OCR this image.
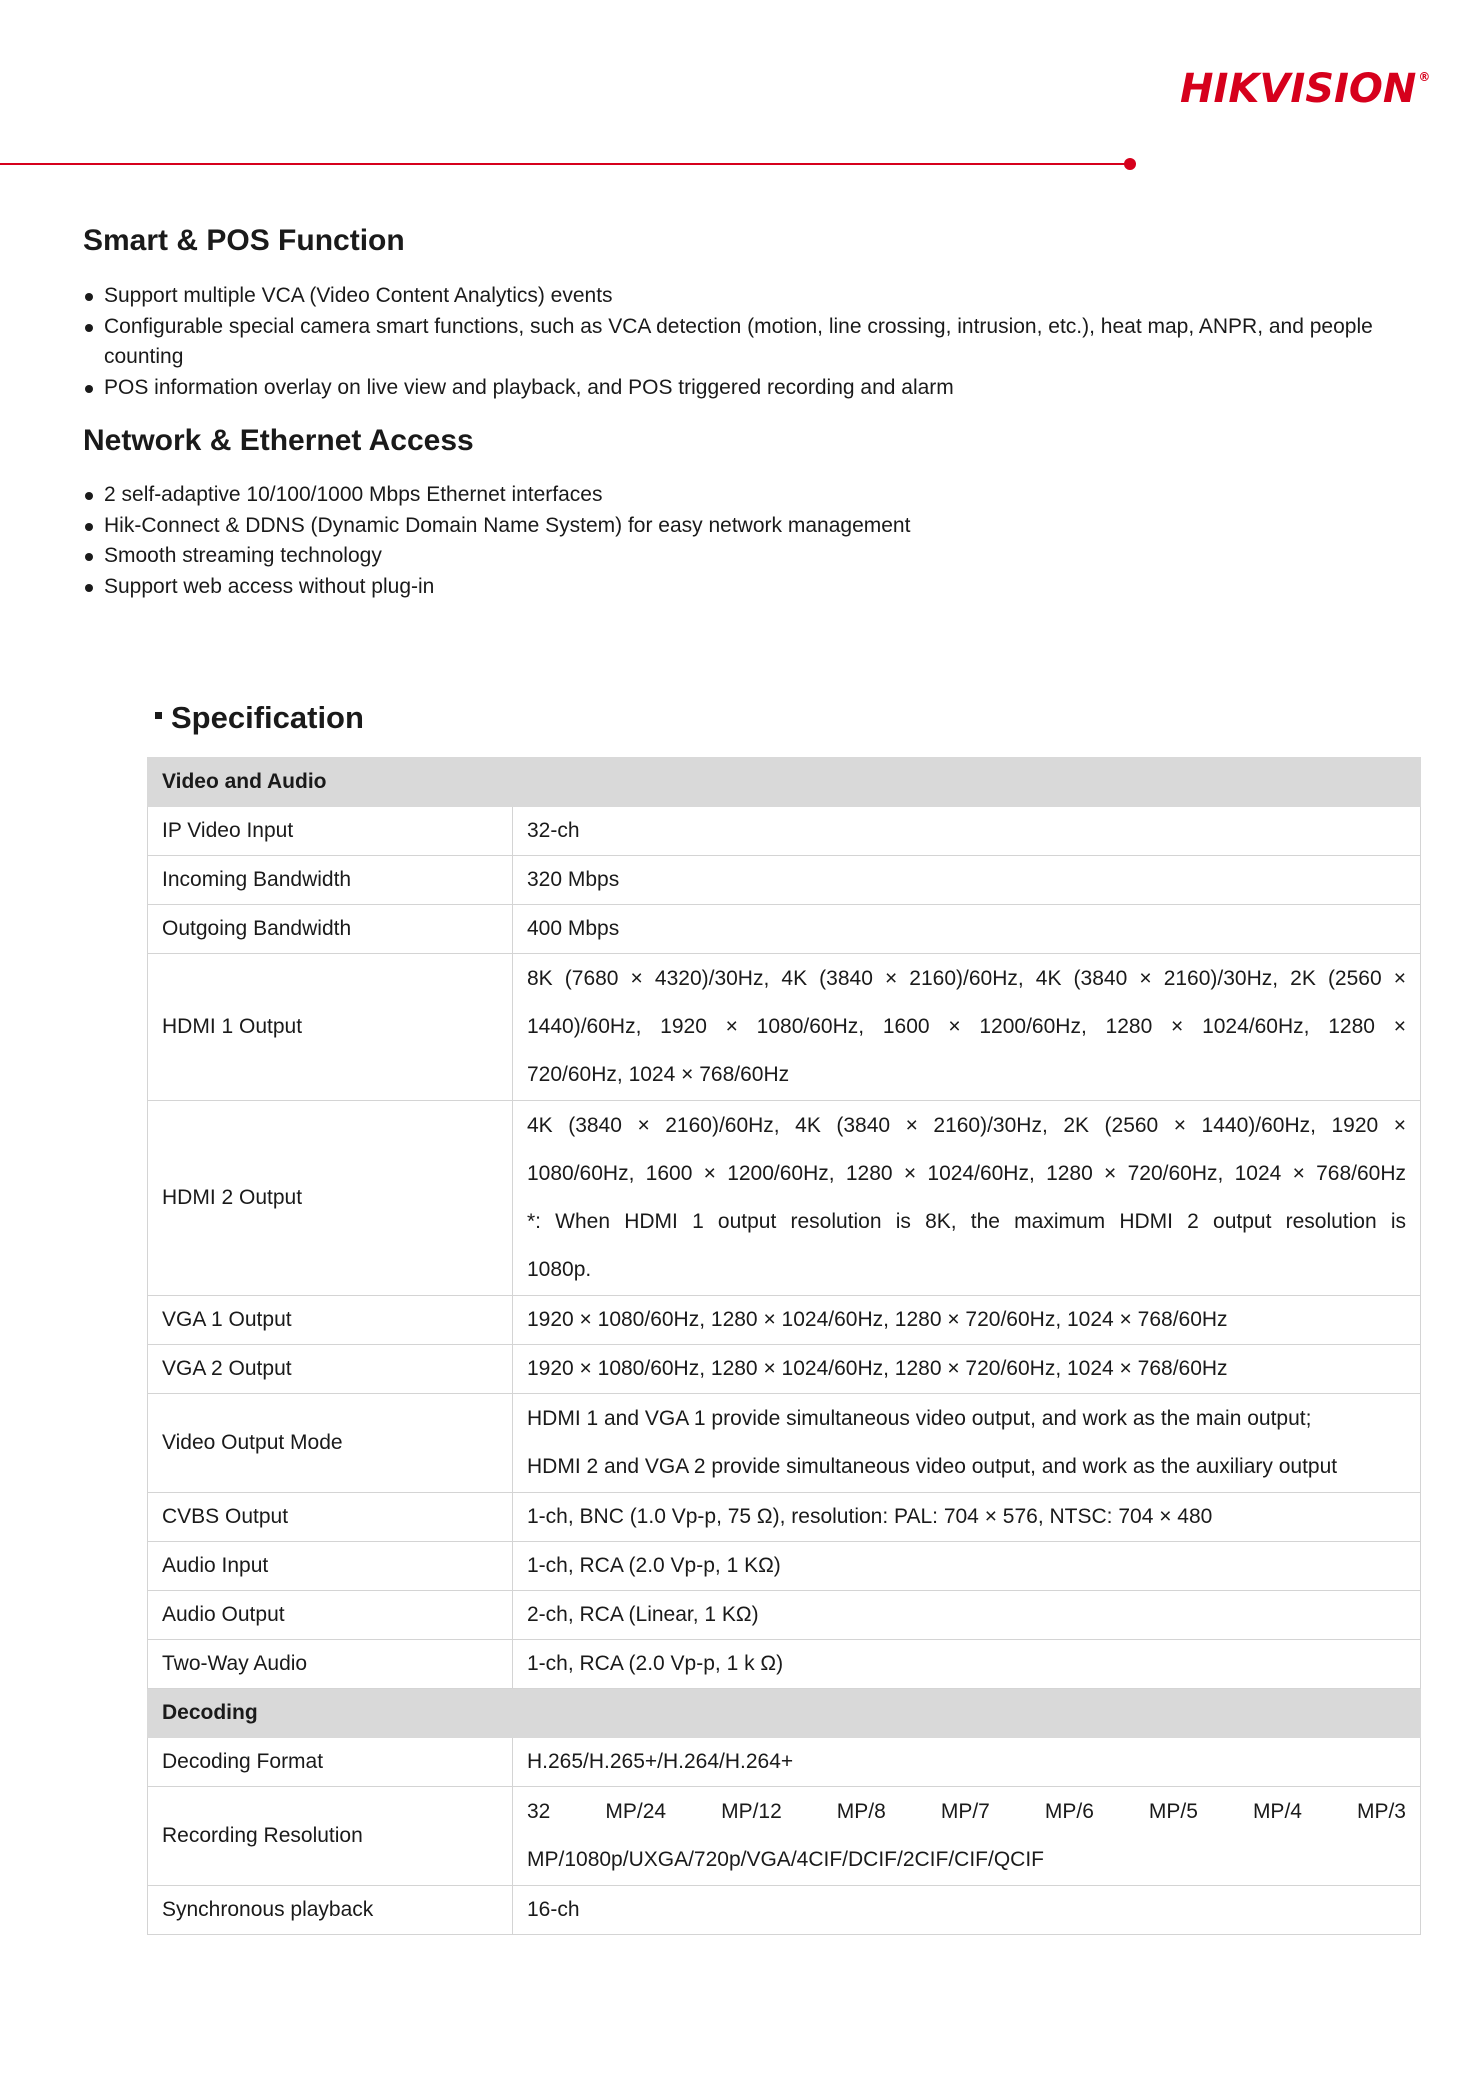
HIKVISION ®
Smart & POS Function
Support multiple VCA (Video Content Analytics) events
Configurable special camera smart functions, such as VCA detection (motion, line crossing, intrusion, etc.), heat map, ANPR, and people counting
POS information overlay on live view and playback, and POS triggered recording and alarm
Network & Ethernet Access
2 self-adaptive 10/100/1000 Mbps Ethernet interfaces
Hik-Connect & DDNS (Dynamic Domain Name System) for easy network management
Smooth streaming technology
Support web access without plug-in
Specification
Video and Audio	
IP Video Input	32-ch
Incoming Bandwidth	320 Mbps
Outgoing Bandwidth	400 Mbps
HDMI 1 Output	8K (7680 × 4320)/30Hz, 4K (3840 × 2160)/60Hz, 4K (3840 × 2160)/30Hz, 2K (2560 ×
1440)/60Hz, 1920 × 1080/60Hz, 1600 × 1200/60Hz, 1280 × 1024/60Hz, 1280 ×
720/60Hz, 1024 × 768/60Hz

HDMI 2 Output	4K (3840 × 2160)/60Hz, 4K (3840 × 2160)/30Hz, 2K (2560 × 1440)/60Hz, 1920 ×
1080/60Hz, 1600 × 1200/60Hz, 1280 × 1024/60Hz, 1280 × 720/60Hz, 1024 × 768/60Hz
*: When HDMI 1 output resolution is 8K, the maximum HDMI 2 output resolution is
1080p.

VGA 1 Output	1920 × 1080/60Hz, 1280 × 1024/60Hz, 1280 × 720/60Hz, 1024 × 768/60Hz
VGA 2 Output	1920 × 1080/60Hz, 1280 × 1024/60Hz, 1280 × 720/60Hz, 1024 × 768/60Hz
Video Output Mode	HDMI 1 and VGA 1 provide simultaneous video output, and work as the main output;
HDMI 2 and VGA 2 provide simultaneous video output, and work as the auxiliary output

CVBS Output	1-ch, BNC (1.0 Vp-p, 75 Ω), resolution: PAL: 704 × 576, NTSC: 704 × 480
Audio Input	1-ch, RCA (2.0 Vp-p, 1 KΩ)
Audio Output	2-ch, RCA (Linear, 1 KΩ)
Two-Way Audio	1-ch, RCA (2.0 Vp-p, 1 k Ω)
Decoding	
Decoding Format	H.265/H.265+/H.264/H.264+
Recording Resolution	32 MP/24 MP/12 MP/8 MP/7 MP/6 MP/5 MP/4 MP/3
MP/1080p/UXGA/720p/VGA/4CIF/DCIF/2CIF/CIF/QCIF

Synchronous playback	16-ch
